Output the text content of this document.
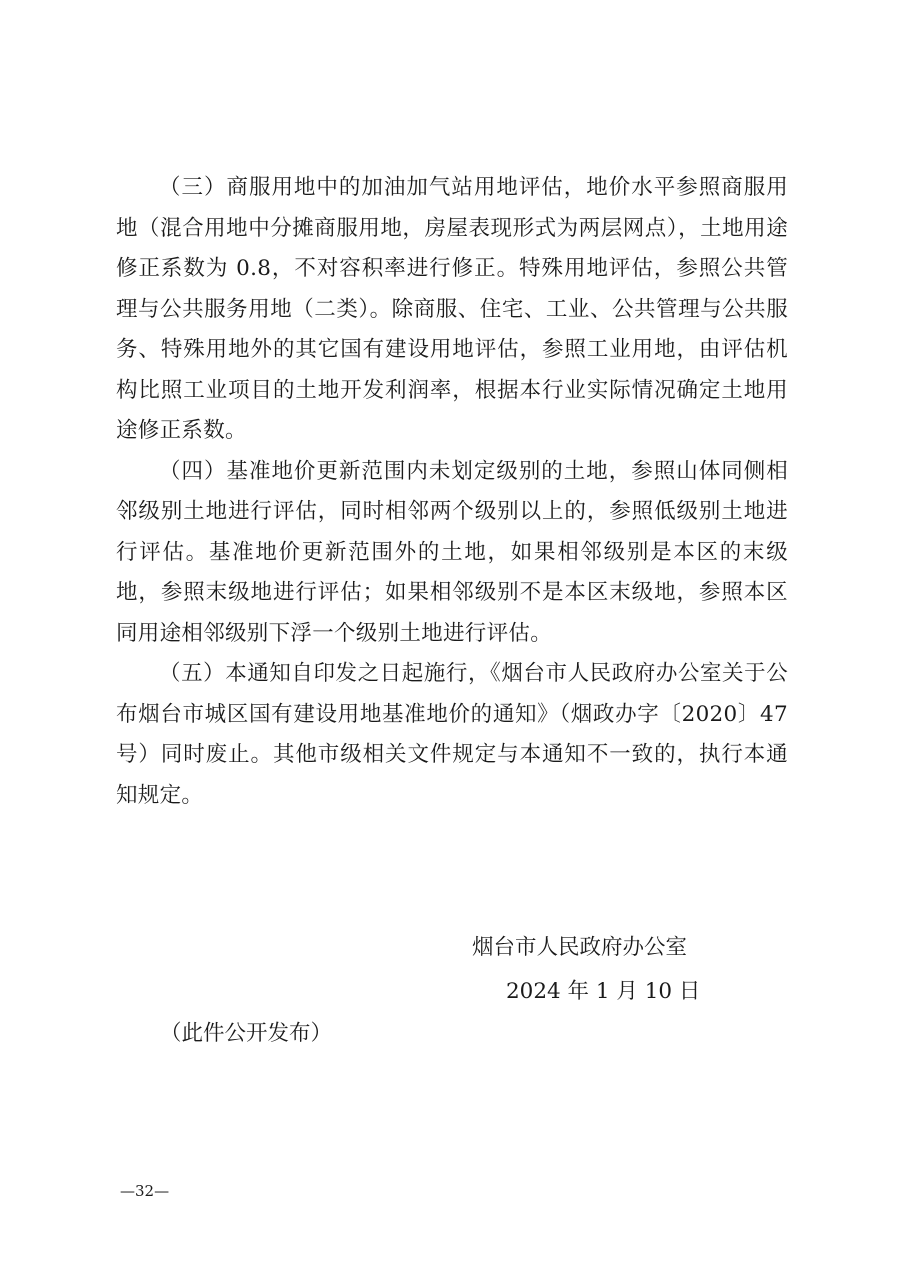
（三）商服用地中的加油加气站用地评估，地价水平参照商服用地（混合用地中分摊商服用地，房屋表现形式为两层网点），土地用途修正系数为 0.8，不对容积率进行修正。特殊用地评估，参照公共管理与公共服务用地（二类）。除商服、住宅、工业、公共管理与公共服务、特殊用地外的其它国有建设用地评估，参照工业用地，由评估机构比照工业项目的土地开发利润率，根据本行业实际情况确定土地用途修正系数。

（四）基准地价更新范围内未划定级别的土地，参照山体同侧相邻级别土地进行评估，同时相邻两个级别以上的，参照低级别土地进行评估。基准地价更新范围外的土地，如果相邻级别是本区的末级地，参照末级地进行评估；如果相邻级别不是本区末级地，参照本区同用途相邻级别下浮一个级别土地进行评估。

（五）本通知自印发之日起施行，《烟台市人民政府办公室关于公布烟台市城区国有建设用地基准地价的通知》（烟政办字〔2020〕47 号）同时废止。其他市级相关文件规定与本通知不一致的，执行本通知规定。

烟台市人民政府办公室
2024 年 1 月 10 日
（此件公开发布）
—32—
